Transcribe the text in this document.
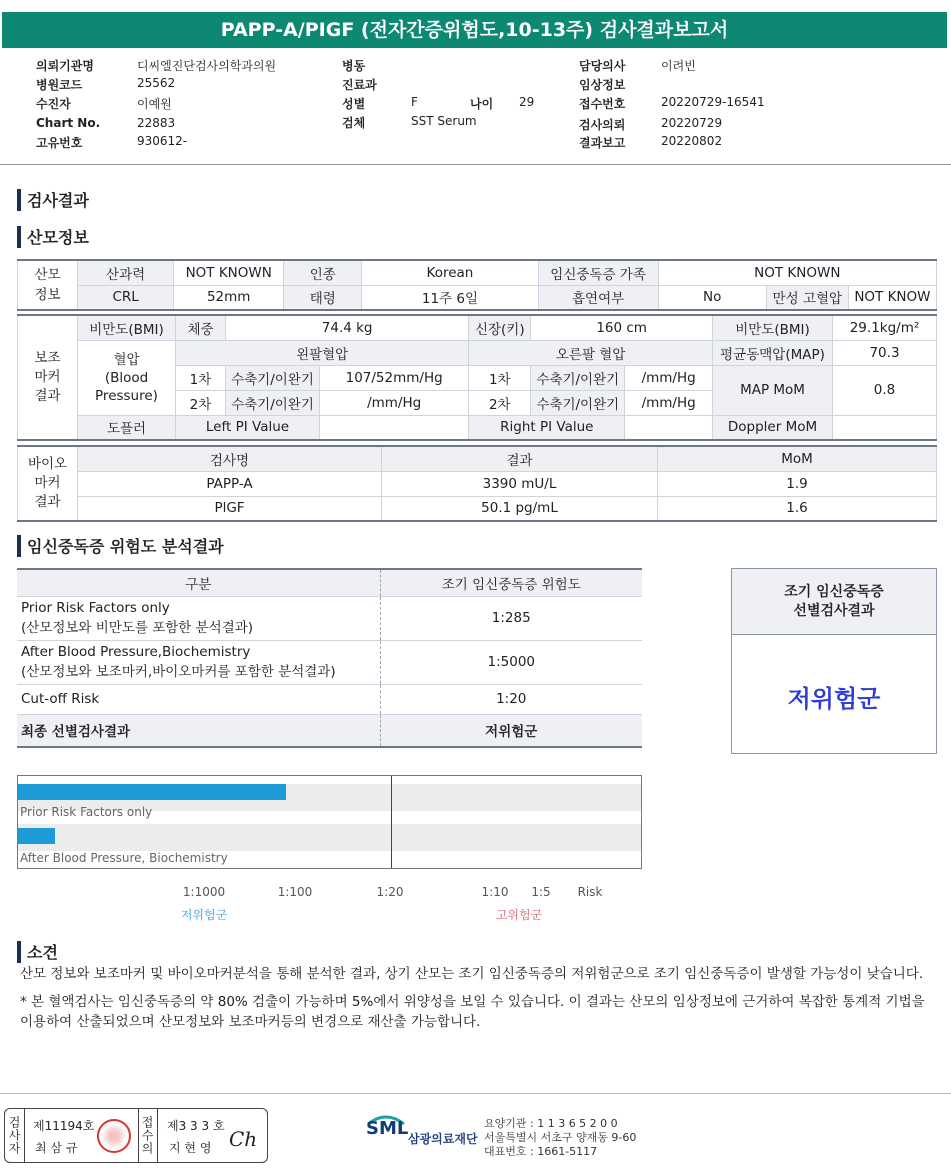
PAPP-A/PIGF (전자간증위험도,10-13주) 검사결과보고서
의뢰기관명	디씨엘진단검사의학과의원
병원코드	25562
수진자	이예원
Chart No.	22883
고유번호	930612-
병동
진료과
성별	F	나이 29
검체	SST Serum
담당의사	이려빈
임상정보
접수번호	20220729-16541
검사의뢰	20220729
결과보고	20220802
검사결과
산모정보
산모
정보	산과력	NOT KNOWN	인종	Korean	임신중독증 가족	NOT KNOWN		
	CRL	52mm	태령	11주 6일	흡연여부	No	만성 고혈압	NOT KNOW
보조
마커
결과	비만도(BMI)	체중	74.4 kg		신장(키)	160 cm		비만도(BMI)	29.1kg/m²
	혈압
(Blood
Pressure)	왼팔혈압			오른팔 혈압			평균동맥압(MAP)	70.3
		1차	수축기/이완기	107/52mm/Hg	1차	수축기/이완기	/mm/Hg	MAP MoM	0.8
		2차	수축기/이완기	/mm/Hg	2차	수축기/이완기	/mm/Hg		
	도플러	Left PI Value			Right PI Value			Doppler MoM	
바이오
마커
결과	검사명	결과	MoM
	PAPP-A	3390 mU/L	1.9
	PlGF	50.1 pg/mL	1.6
임신중독증 위험도 분석결과
구분	조기 임신중독증 위험도

Prior Risk Factors only
(산모정보와 비만도를 포함한 분석결과)	1:285

After Blood Pressure,Biochemistry
(산모정보와 보조마커,바이오마커를 포함한 분석결과)	1:5000
Cut-off Risk	1:20
최종 선별검사결과	저위험군
조기 임신중독증
선별검사결과
저위험군
Prior Risk Factors only
After Blood Pressure, Biochemistry
1:1000	1:100	1:20	1:10 1:5 Risk
저위험군	고위험군
소견
산모 정보와 보조마커 및 바이오마커분석을 통해 분석한 결과, 상기 산모는 조기 임신중독증의 저위험군으로 조기 임신중독증이 발생할 가능성이 낮습니다.
* 본 혈액검사는 임신중독증의 약 80% 검출이 가능하며 5%에서 위양성을 보일 수 있습니다. 이 결과는 산모의 임상정보에 근거하여 복잡한 통계적 기법을 이용하여 산출되었으며 산모정보와 보조마커등의 변경으로 재산출 가능합니다.
검사자	제11194호
최 삼 규	접수의	제3 3 3 호
지 현 영 Ch	SML 삼광의료재단
요양기관 : 1 1 3 6 5 2 0 0
서울특별시 서초구 양재동 9-60
대표번호 : 1661-5117
